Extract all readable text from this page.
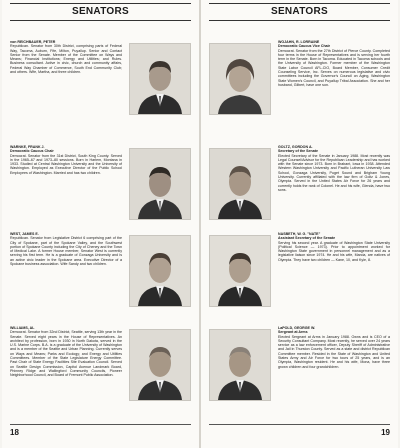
SENATORS
von REICHBAUER, PETER
Republican. Senator from 30th District, comprising parts of Federal Way, Tacoma, Auburn, Fife, Milton, Puyallup. Senior and Contact Senior from the Senate. Member of the Committee on Ways and Means; Financial Institutions; Energy and Utilities; and Rules. Business consultant. Active in civic, church and community affairs, Federal Way Chamber of Commerce, South End Community Club; and others. Wife, Martha, and three children.
WARNKE, FRANK J.
Democratic Caucus Chair
Democrat. Senator from the 31st District, South King County. Served in the 1965–67 and 1973–80 sessions. Born in Harlem, Montana in 1933. Studied at Central Washington University and the University of Washington. Employed as Executive Director of the Public School Employees of Washington. Married and has two children.
WEST, JAMES E.
Republican. Senator from Legislative District 6 comprising part of the City of Spokane, part of the Spokane Valley, and the Southwest portion of Spokane County including the City of Cheney and the Town of Medical Lake. A former House member, Senator West is currently serving his first term. He is a graduate of Gonzaga University and is an active civic leader in the Spokane area. Executive Director of a Spokane business association. Wife Sandy and two children.
WILLIAMS, AL
Democrat. Senator from 32nd District, Seattle, serving 13th year in the Senate. Served eight years in the House of Representatives. An architect by profession, born in 1930 in North Dakota, served in the U.S. Marine Corps. B.A. is a graduate of the University of Washington and is a member of the Seattle and Urban Planning. Currently serves on Ways and Means; Parks and Ecology; and Energy and Utilities Committees. Member of the State Legislature Energy Committee. Past Chair of State Energy Facilities Site Evaluation Council. Served on Seattle Design Commission, Capitol Avenue Landmark Board, Phinney Ridge and Wallingford Community Councils, Pioneer Neighborhood Council, and Board of Fremont Public Association.
18
SENATORS
WOJAHN, R. LORRAINE
Democratic Caucus Vice Chair
Democrat. Senator from the 27th District of Pierce County. Completed four terms in the House of Representatives and is serving her fourth term in the Senate. Born in Tacoma. Educated in Tacoma schools and the University of Washington. Former member of the Washington State Labor Council AFL-CIO, Board Member, Consumer Credit Counseling Service, Inc. Serves on numerous legislative and civic committees including the Governor's Council on Aging, Washington State Women's Council, and Puyallup Tribal Association. She and her husband, Gilbert, have one son.
GOLTZ, GORDON A.
Secretary of the Senate
Elected Secretary of the Senate in January 1988. Most recently was Legal Counsel/Advisor for the Republican Leadership and has worked with the Senate since 1973. Born in Brabant, Iowa in 1938. Attended Western Washington University and Pacific Lutheran University Law School, Gonzaga University, Puget Sound and Brigham Young University. Currently affiliated with the law firm of Goltz & Jones, Olympia. Served in the United States Air Force for 26 years and currently holds the rank of Colonel. He and his wife, Glenda, have two sons.
NASBETH, W. G. "NATE"
Assistant Secretary of the Senate
Serving his second year. A graduate of Washington State University (Political Science — 1973). Prior to appointment worked for Washington State government in personnel management and as a legislative liaison since 1974. He and his wife, Marcia, are natives of Olympia. They have two children — Kane, 10, and Kyle, 8.
LaPOLD, GEORGE W.
Sergeant at Arms
Elected Sergeant at Arms in January 1988. Owns and is CEO of a Security Consultant Company. Most recently, he served over 24 years service as a law enforcement officer, Deputy Sheriff of Administrative and Jail in Thurston County. Served as a state and district Republican Committee member. Resided in the State of Washington and United States Army and Air Force for two tours of 25 years, and is an Olympia, Washington resident. He and his wife, Mona, have three grown children and four grandchildren.
19
